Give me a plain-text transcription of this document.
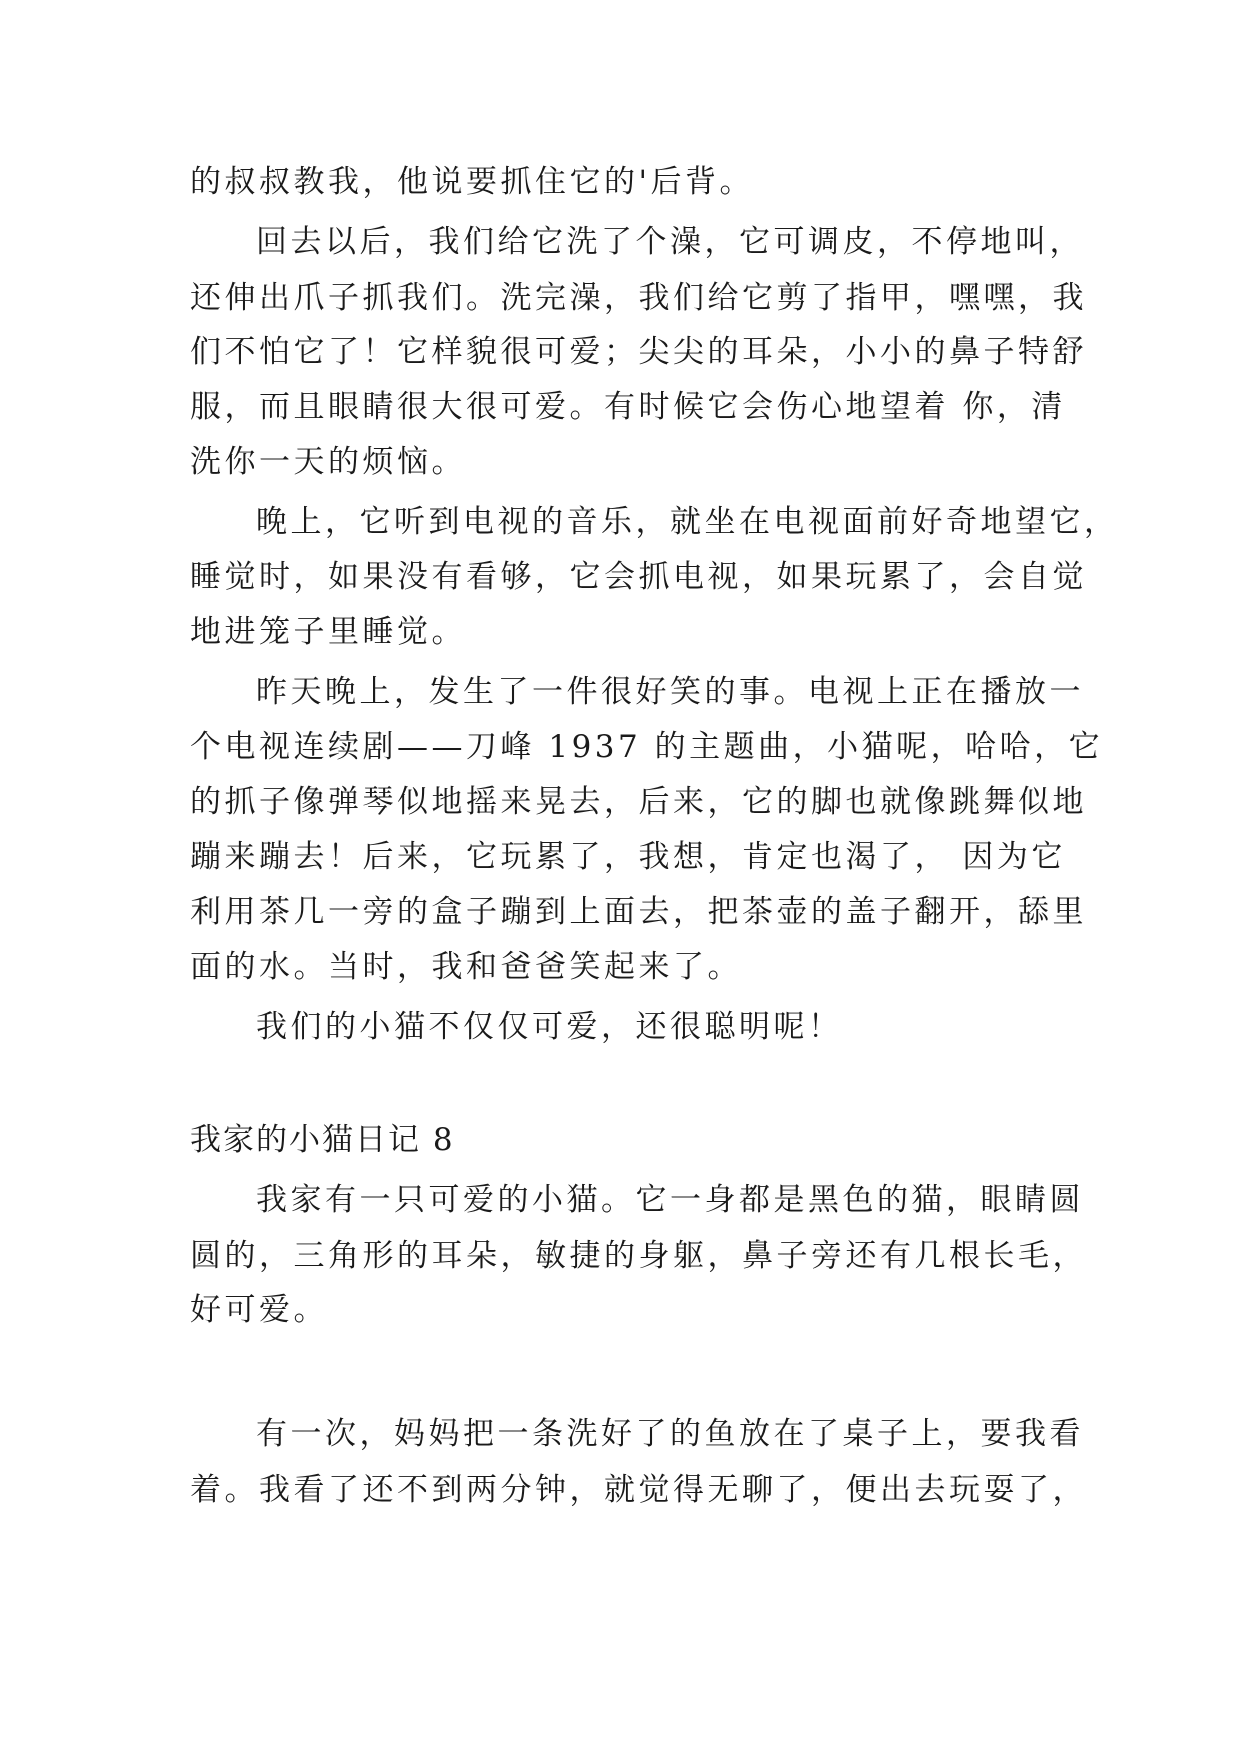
的叔叔教我，他说要抓住它的'后背。
回去以后，我们给它洗了个澡，它可调皮，不停地叫，
还伸出爪子抓我们。洗完澡，我们给它剪了指甲，嘿嘿，我
们不怕它了！它样貌很可爱；尖尖的耳朵，小小的鼻子特舒
服，而且眼睛很大很可爱。有时候它会伤心地望着 你，清
洗你一天的烦恼。
晚上，它听到电视的音乐，就坐在电视面前好奇地望它，
睡觉时，如果没有看够，它会抓电视，如果玩累了，会自觉
地进笼子里睡觉。
昨天晚上，发生了一件很好笑的事。电视上正在播放一
个电视连续剧——刀峰 1937 的主题曲，小猫呢，哈哈，它
的抓子像弹琴似地摇来晃去，后来，它的脚也就像跳舞似地
蹦来蹦去！后来，它玩累了，我想，肯定也渴了， 因为它
利用茶几一旁的盒子蹦到上面去，把茶壶的盖子翻开，舔里
面的水。当时，我和爸爸笑起来了。
我们的小猫不仅仅可爱，还很聪明呢！
我家的小猫日记 8
我家有一只可爱的小猫。它一身都是黑色的猫，眼睛圆
圆的，三角形的耳朵，敏捷的身躯，鼻子旁还有几根长毛，
好可爱。
有一次，妈妈把一条洗好了的鱼放在了桌子上，要我看
着。我看了还不到两分钟，就觉得无聊了，便出去玩耍了，
